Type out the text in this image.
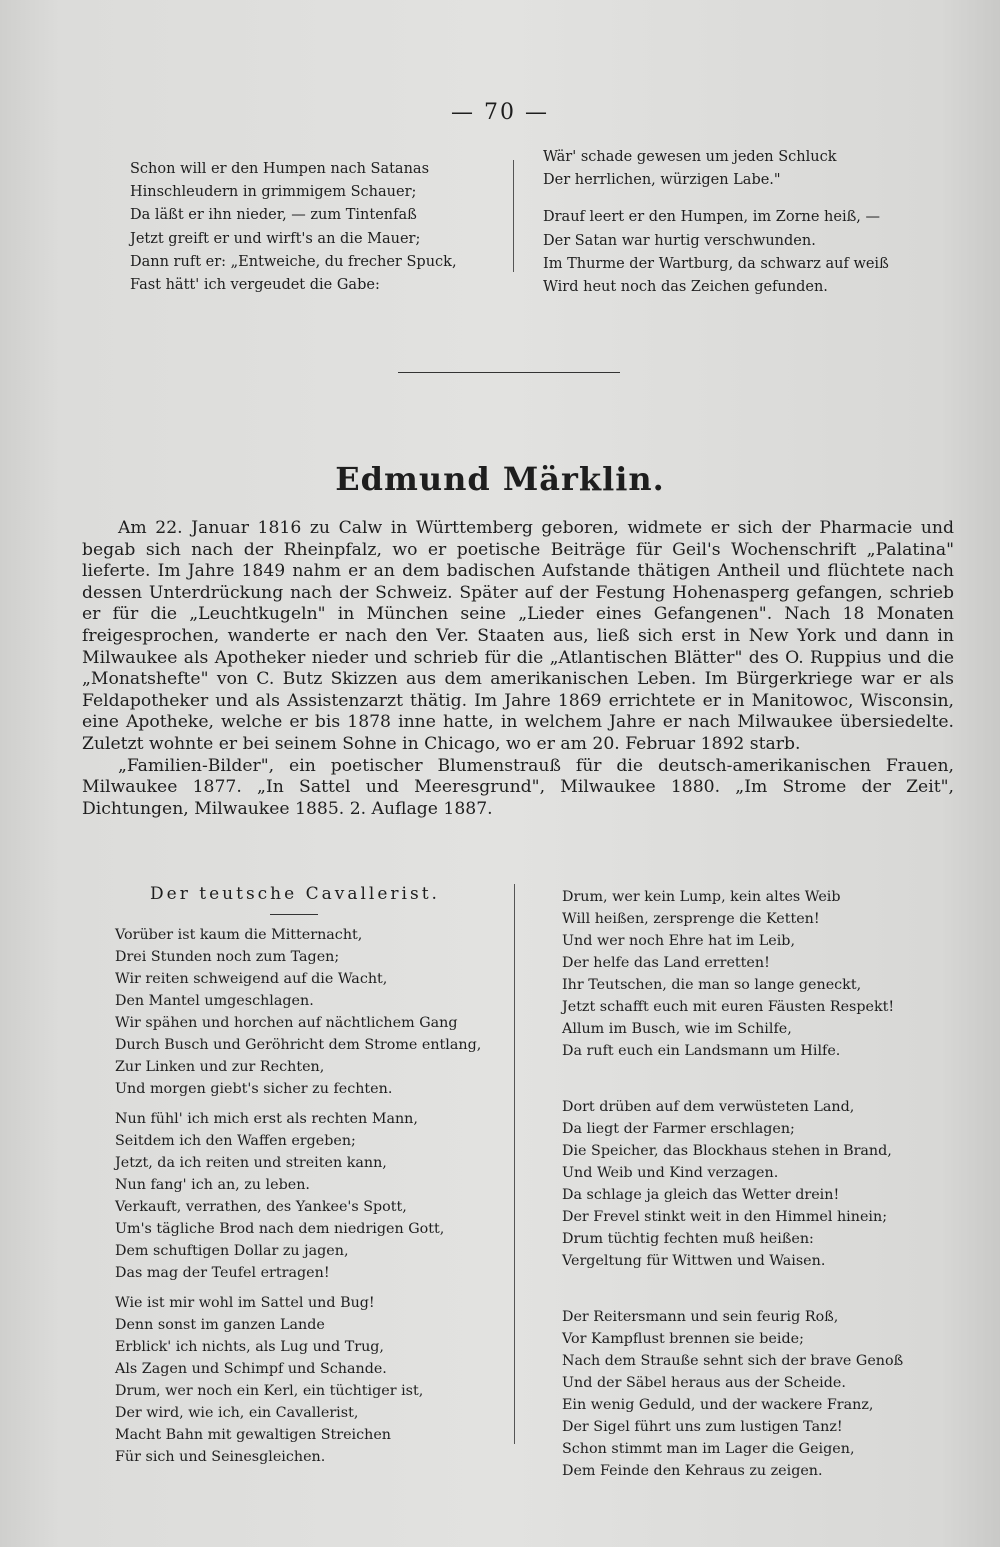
— 70 —

Schon will er den Humpen nach Satanas

Hinschleudern in grimmigem Schauer;

Da läßt er ihn nieder, — zum Tintenfaß

Jetzt greift er und wirft's an die Mauer;

Dann ruft er: „Entweiche, du frecher Spuck,

Fast hätt' ich vergeudet die Gabe:

Wär' schade gewesen um jeden Schluck

Der herrlichen, würzigen Labe."

Drauf leert er den Humpen, im Zorne heiß, —

Der Satan war hurtig verschwunden.

Im Thurme der Wartburg, da schwarz auf weiß

Wird heut noch das Zeichen gefunden.

Edmund Märklin.

Am 22. Januar 1816 zu Calw in Württemberg geboren, widmete er sich der Pharmacie und begab sich nach der Rheinpfalz, wo er poetische Beiträge für Geil's Wochenschrift „Palatina" lieferte. Im Jahre 1849 nahm er an dem badischen Aufstande thätigen Antheil und flüchtete nach dessen Unterdrückung nach der Schweiz. Später auf der Festung Hohenasperg gefangen, schrieb er für die „Leuchtkugeln" in München seine „Lieder eines Gefangenen". Nach 18 Monaten freigesprochen, wanderte er nach den Ver. Staaten aus, ließ sich erst in New York und dann in Milwaukee als Apotheker nieder und schrieb für die „Atlantischen Blätter" des O. Ruppius und die „Monatshefte" von C. Butz Skizzen aus dem amerikanischen Leben. Im Bürgerkriege war er als Feldapotheker und als Assistenzarzt thätig. Im Jahre 1869 errichtete er in Manitowoc, Wisconsin, eine Apotheke, welche er bis 1878 inne hatte, in welchem Jahre er nach Milwaukee übersiedelte. Zuletzt wohnte er bei seinem Sohne in Chicago, wo er am 20. Februar 1892 starb.

„Familien-Bilder", ein poetischer Blumenstrauß für die deutsch-amerikanischen Frauen, Milwaukee 1877. „In Sattel und Meeresgrund", Milwaukee 1880. „Im Strome der Zeit", Dichtungen, Milwaukee 1885. 2. Auflage 1887.

Der teutsche Cavallerist.

Vorüber ist kaum die Mitternacht,

Drei Stunden noch zum Tagen;

Wir reiten schweigend auf die Wacht,

Den Mantel umgeschlagen.

Wir spähen und horchen auf nächtlichem Gang

Durch Busch und Geröhricht dem Strome entlang,

Zur Linken und zur Rechten,

Und morgen giebt's sicher zu fechten.

Nun fühl' ich mich erst als rechten Mann,

Seitdem ich den Waffen ergeben;

Jetzt, da ich reiten und streiten kann,

Nun fang' ich an, zu leben.

Verkauft, verrathen, des Yankee's Spott,

Um's tägliche Brod nach dem niedrigen Gott,

Dem schuftigen Dollar zu jagen,

Das mag der Teufel ertragen!

Wie ist mir wohl im Sattel und Bug!

Denn sonst im ganzen Lande

Erblick' ich nichts, als Lug und Trug,

Als Zagen und Schimpf und Schande.

Drum, wer noch ein Kerl, ein tüchtiger ist,

Der wird, wie ich, ein Cavallerist,

Macht Bahn mit gewaltigen Streichen

Für sich und Seinesgleichen.

Drum, wer kein Lump, kein altes Weib

Will heißen, zersprenge die Ketten!

Und wer noch Ehre hat im Leib,

Der helfe das Land erretten!

Ihr Teutschen, die man so lange geneckt,

Jetzt schafft euch mit euren Fäusten Respekt!

Allum im Busch, wie im Schilfe,

Da ruft euch ein Landsmann um Hilfe.

Dort drüben auf dem verwüsteten Land,

Da liegt der Farmer erschlagen;

Die Speicher, das Blockhaus stehen in Brand,

Und Weib und Kind verzagen.

Da schlage ja gleich das Wetter drein!

Der Frevel stinkt weit in den Himmel hinein;

Drum tüchtig fechten muß heißen:

Vergeltung für Wittwen und Waisen.

Der Reitersmann und sein feurig Roß,

Vor Kampflust brennen sie beide;

Nach dem Strauße sehnt sich der brave Genoß

Und der Säbel heraus aus der Scheide.

Ein wenig Geduld, und der wackere Franz,

Der Sigel führt uns zum lustigen Tanz!

Schon stimmt man im Lager die Geigen,

Dem Feinde den Kehraus zu zeigen.
